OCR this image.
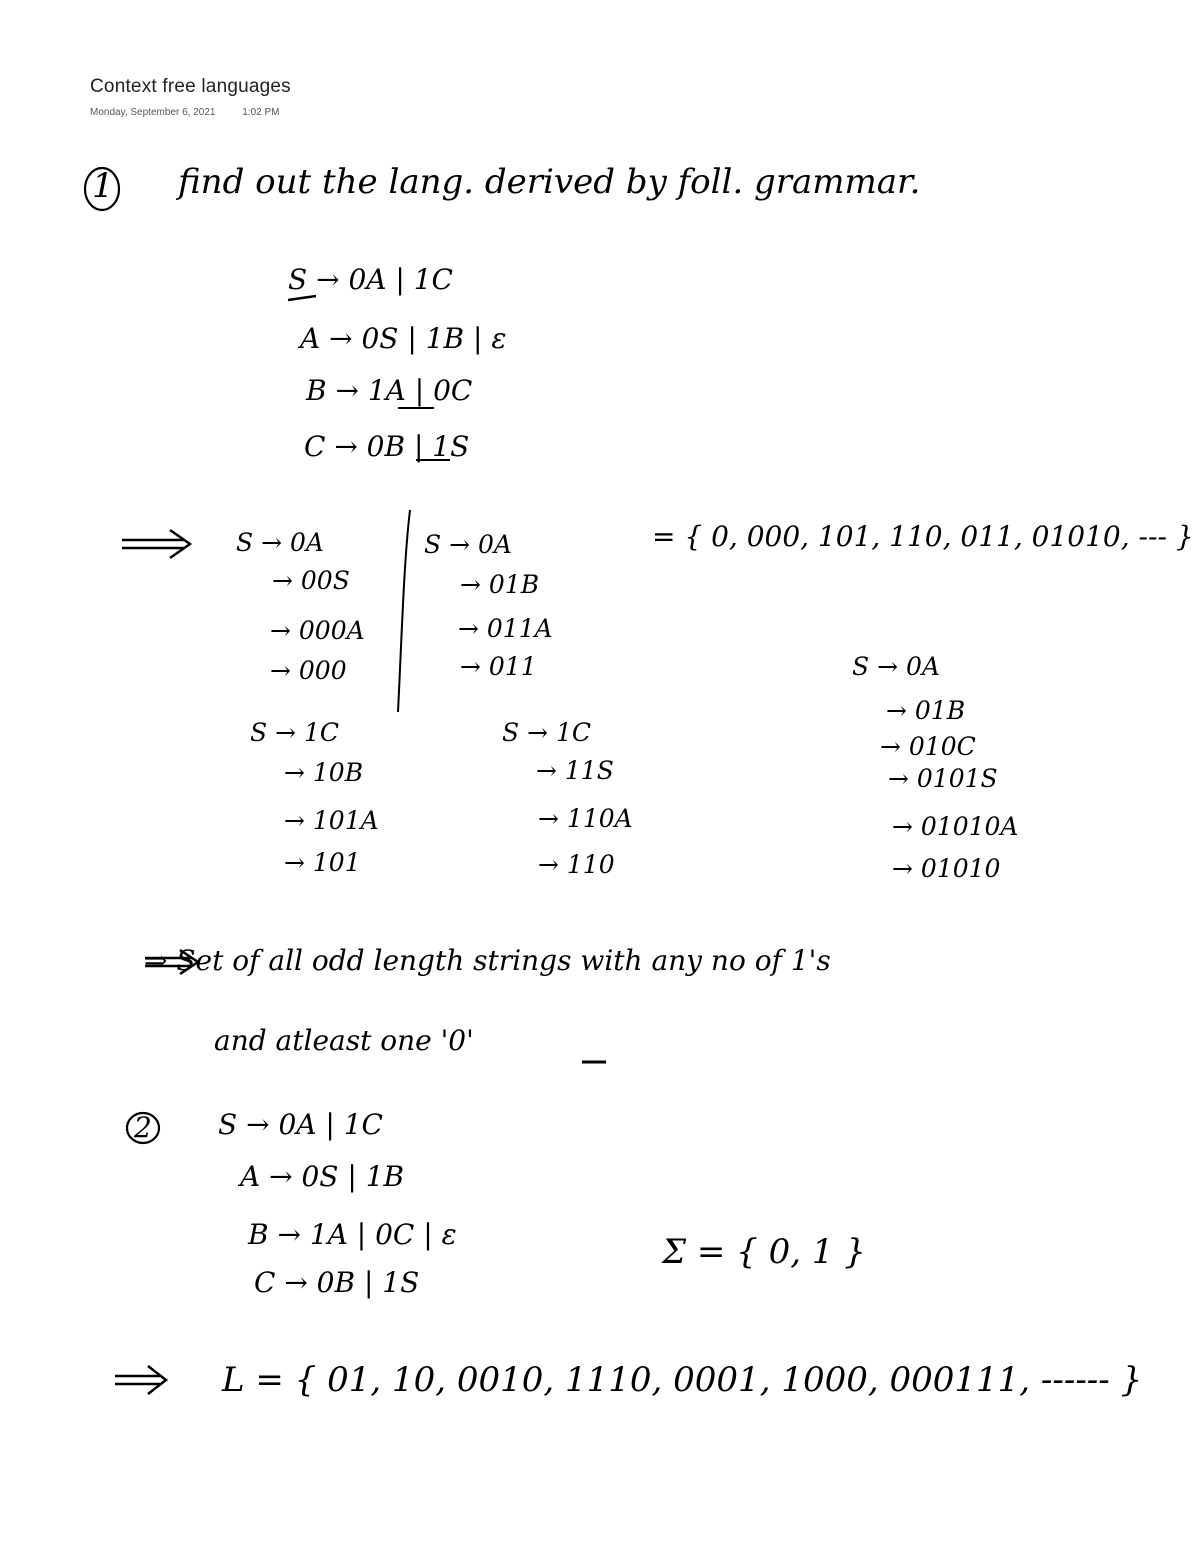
Context free languages
Monday, September 6, 2021	1:02 PM
1 find out the lang. derived by foll. grammar.
S → 0A | 1C
A → 0S | 1B | ε
B → 1A | 0C
C → 0B | 1S
= { 0, 000, 101, 110, 011, 01010, --- }
S → 0A
→ 00S
→ 000A
→ 000
S → 0A
→ 01B
→ 011A
→ 011
S → 1C
→ 10B
→ 101A
→ 101
S → 1C
→ 11S
→ 110A
→ 110
S → 0A
→ 01B
→ 010C
→ 0101S
→ 01010A
→ 01010
⇒ Set of all odd length strings with any no of 1's
and atleast one '0'
2 S → 0A | 1C
A → 0S | 1B
B → 1A | 0C | ε
C → 0B | 1S
Σ = { 0, 1 }
L = { 01, 10, 0010, 1110, 0001, 1000, 000111, ------ }
